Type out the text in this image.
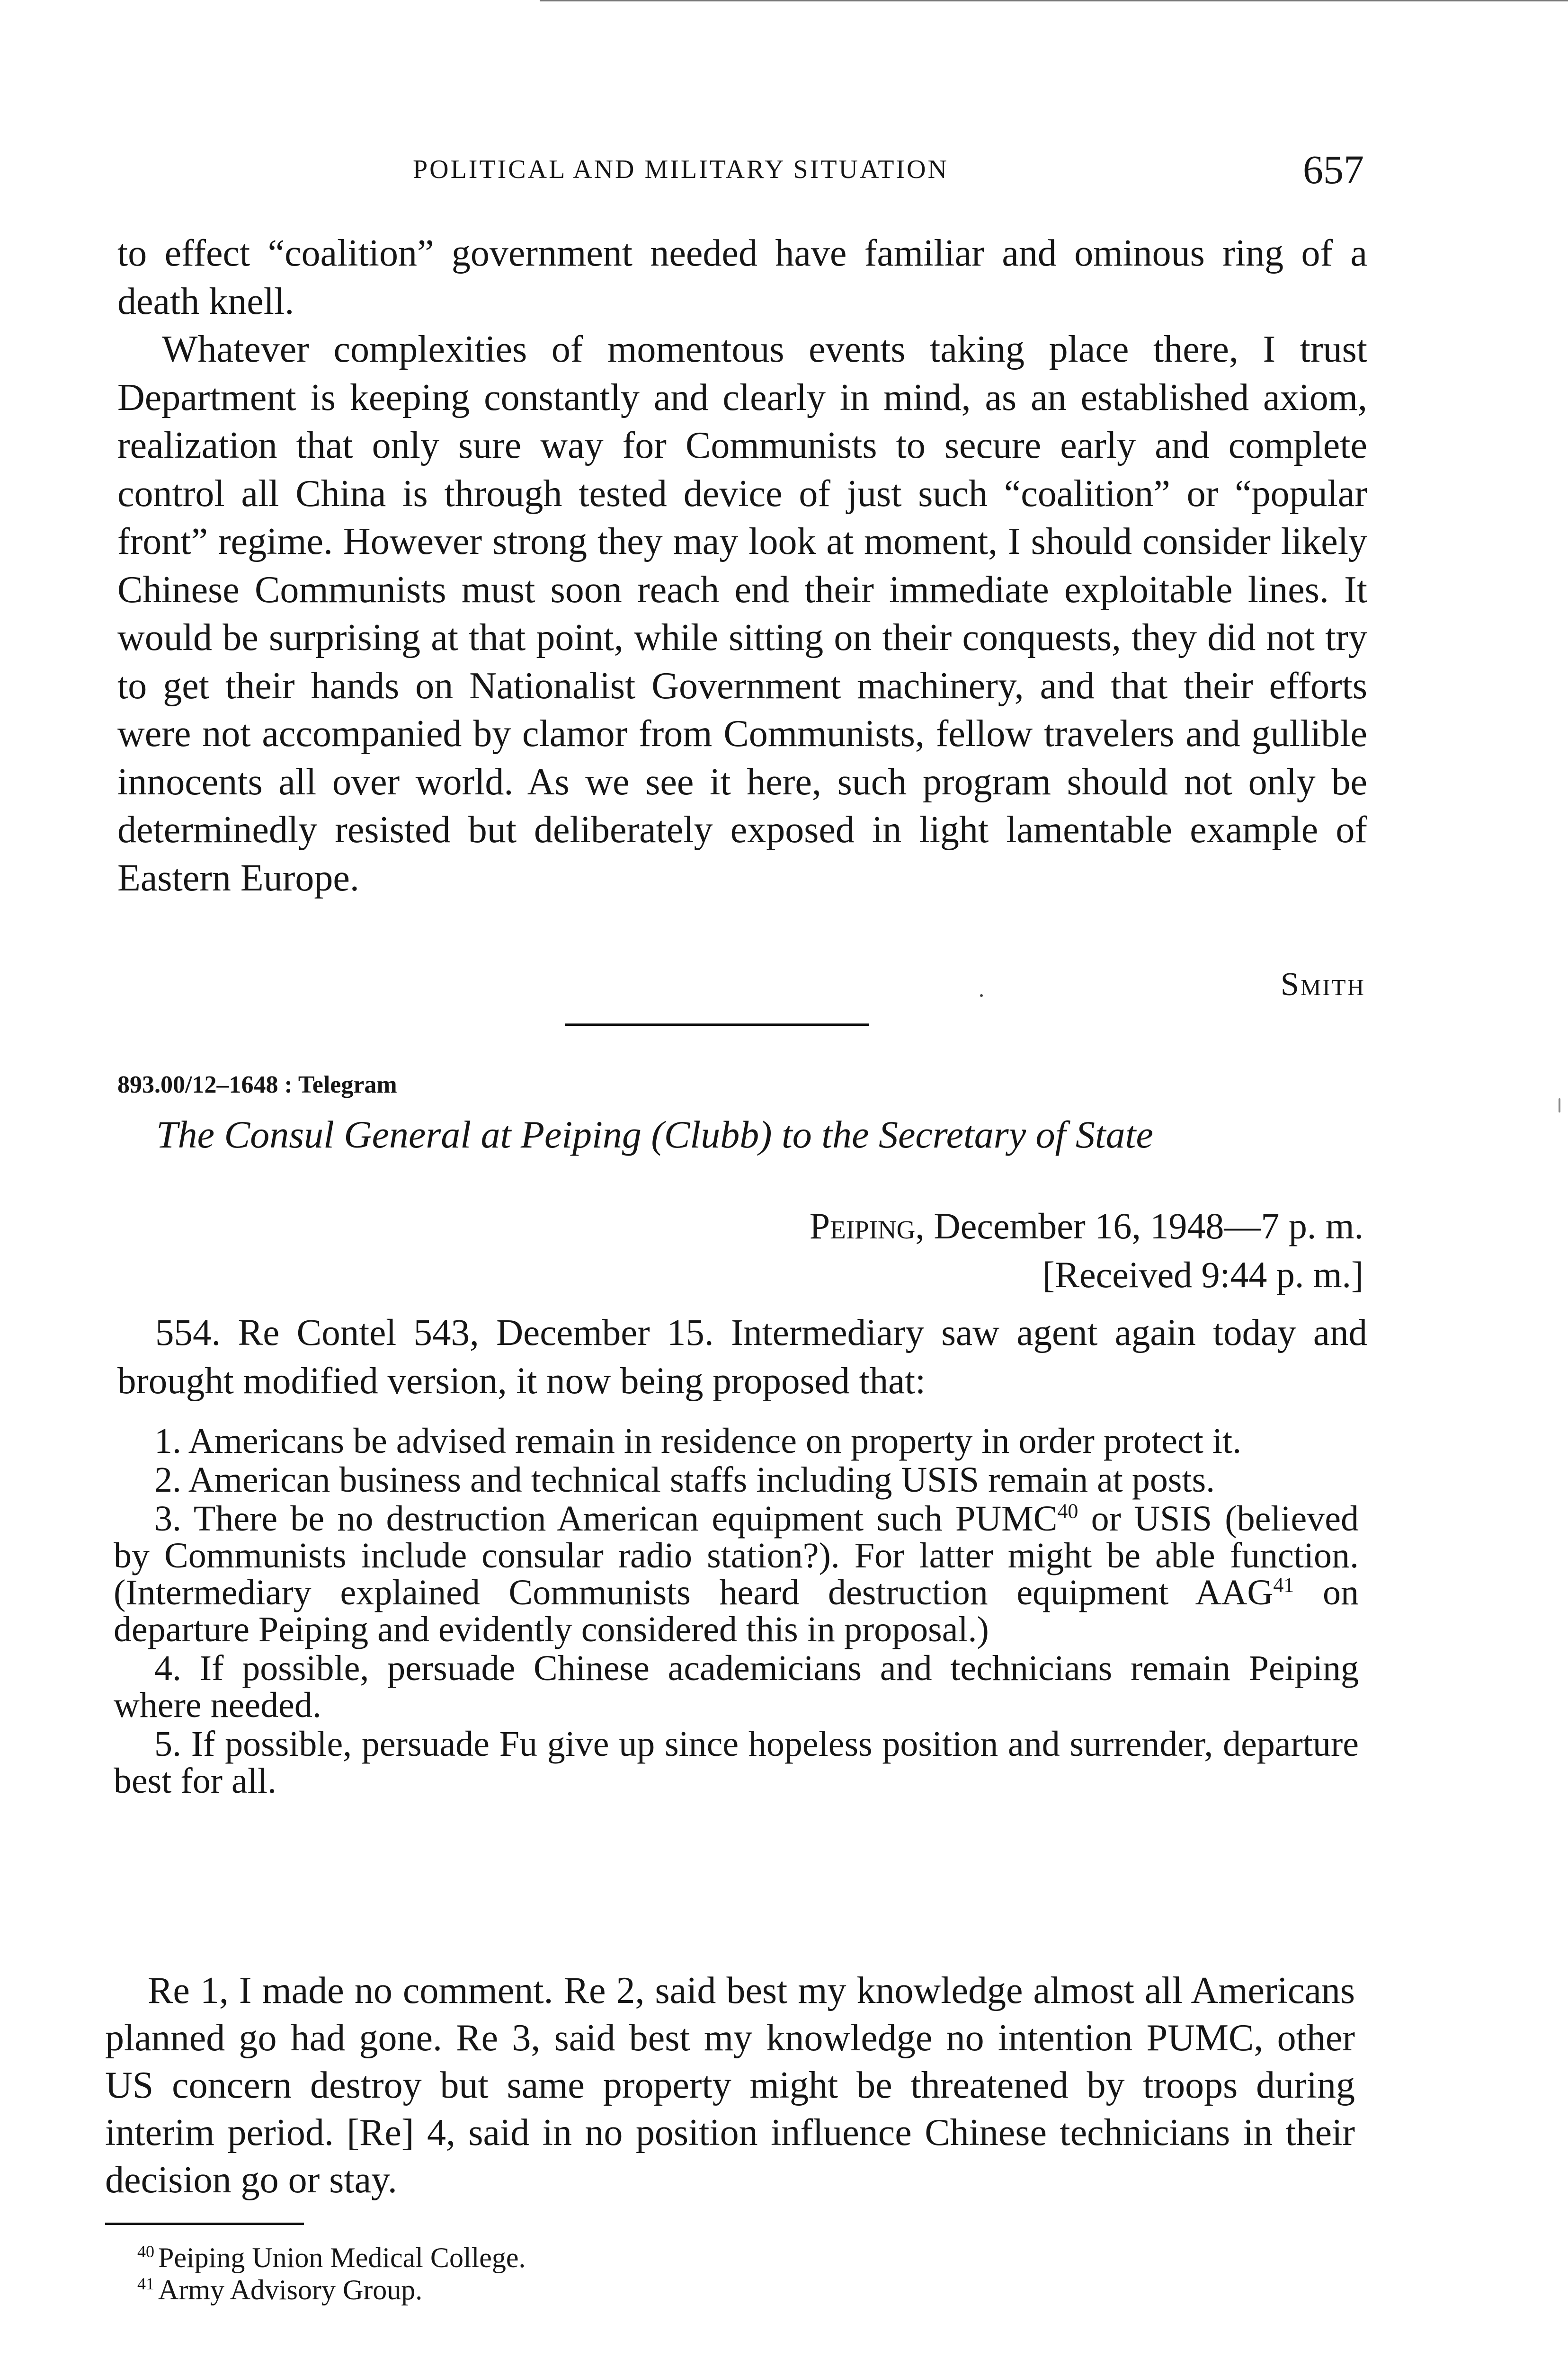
POLITICAL AND MILITARY SITUATION	657

to effect “coalition” government needed have familiar and ominous ring of a death knell.

Whatever complexities of momentous events taking place there, I trust Department is keeping constantly and clearly in mind, as an established axiom, realization that only sure way for Communists to secure early and complete control all China is through tested device of just such “coalition” or “popular front” regime. However strong they may look at moment, I should consider likely Chinese Communists must soon reach end their immediate exploitable lines. It would be surprising at that point, while sitting on their conquests, they did not try to get their hands on Nationalist Government machinery, and that their efforts were not accompanied by clamor from Communists, fellow travelers and gullible innocents all over world. As we see it here, such program should not only be determinedly resisted but deliberately exposed in light lamentable example of Eastern Europe.

Smith
893.00/12–1648 : Telegram
The Consul General at Peiping (Clubb) to the Secretary of State
Peiping, December 16, 1948—7 p. m.
[Received 9:44 p. m.]

554. Re Contel 543, December 15. Intermediary saw agent again today and brought modified version, it now being proposed that:

1. Americans be advised remain in residence on property in order protect it.
2. American business and technical staffs including USIS remain at posts.
3. There be no destruction American equipment such PUMC$^{40}$ or USIS (believed by Communists include consular radio station?). For latter might be able function. (Intermediary explained Communists heard destruction equipment AAG$^{41}$ on departure Peiping and evidently considered this in proposal.)
4. If possible, persuade Chinese academicians and technicians remain Peiping where needed.
5. If possible, persuade Fu give up since hopeless position and surrender, departure best for all.

Re 1, I made no comment. Re 2, said best my knowledge almost all Americans planned go had gone. Re 3, said best my knowledge no intention PUMC, other US concern destroy but same property might be threatened by troops during interim period. [Re] 4, said in no position influence Chinese technicians in their decision go or stay.

$^{40}$ Peiping Union Medical College.
$^{41}$ Army Advisory Group.
